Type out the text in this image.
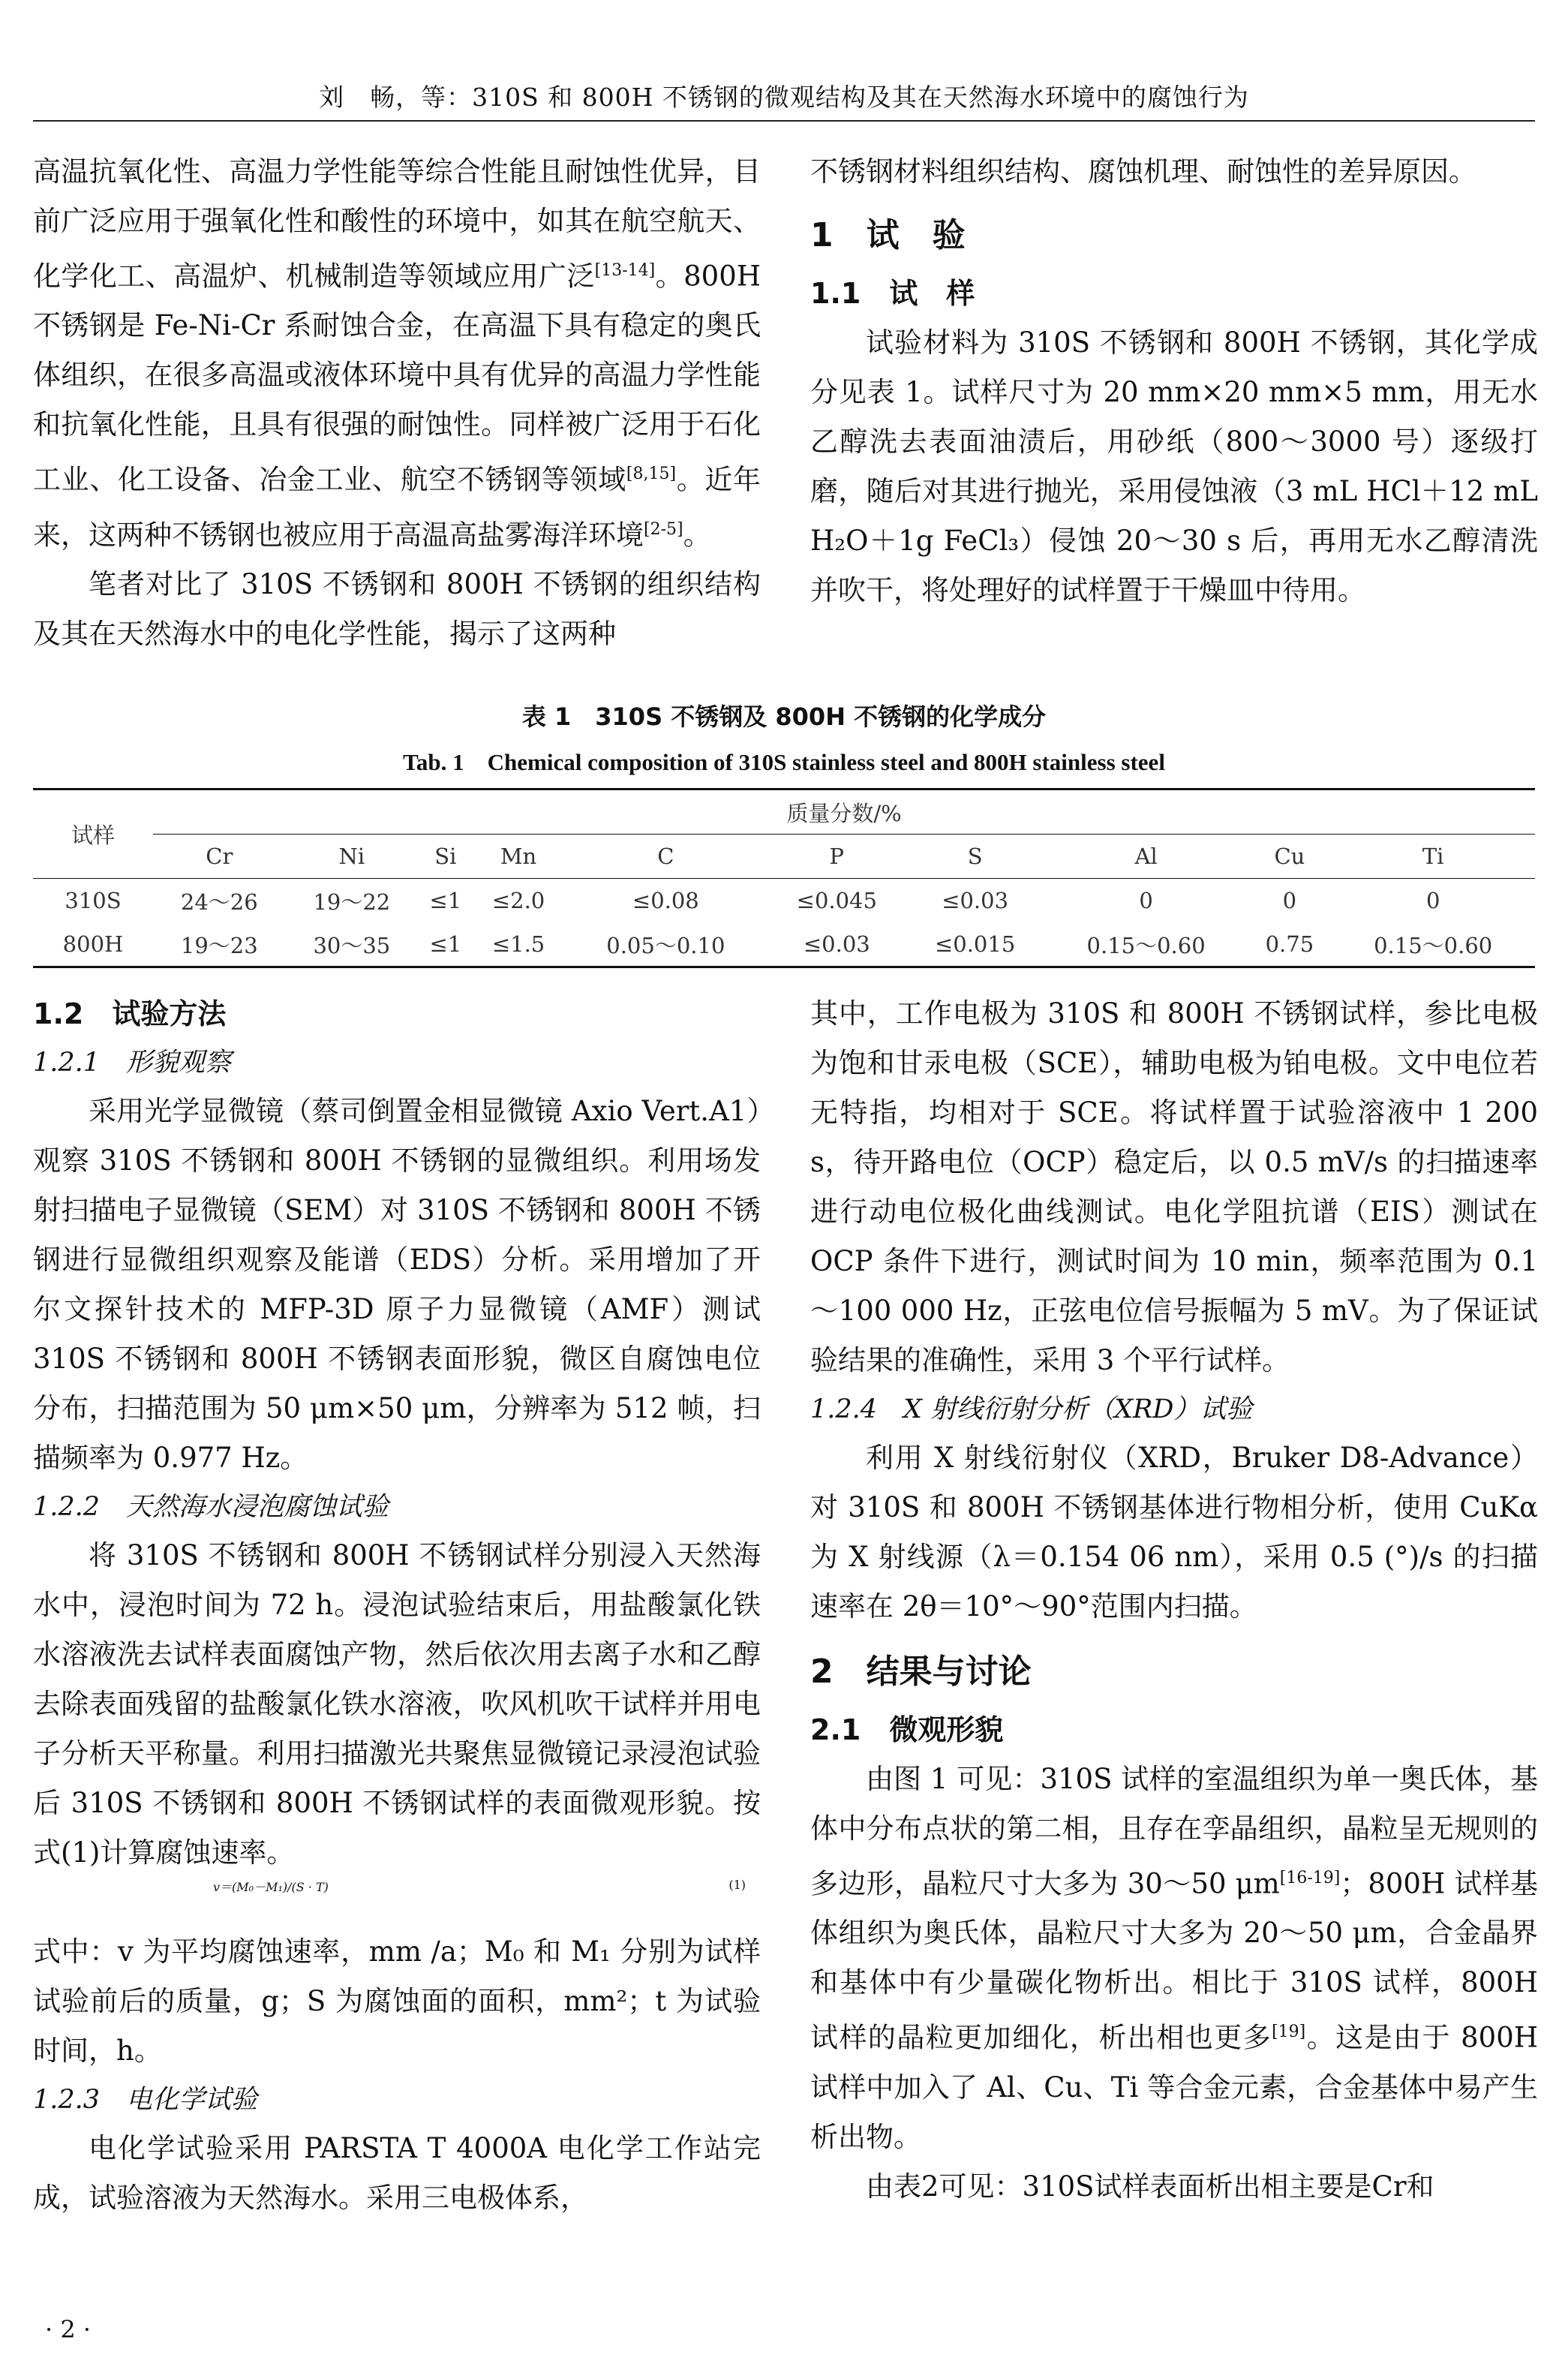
刘　畅，等：310S 和 800H 不锈钢的微观结构及其在天然海水环境中的腐蚀行为

高温抗氧化性、高温力学性能等综合性能且耐蚀性优异，目前广泛应用于强氧化性和酸性的环境中，如其在航空航天、化学化工、高温炉、机械制造等领域应用广泛[13-14]。800H 不锈钢是 Fe-Ni-Cr 系耐蚀合金，在高温下具有稳定的奥氏体组织，在很多高温或液体环境中具有优异的高温力学性能和抗氧化性能，且具有很强的耐蚀性。同样被广泛用于石化工业、化工设备、冶金工业、航空不锈钢等领域[8,15]。近年来，这两种不锈钢也被应用于高温高盐雾海洋环境[2-5]。

笔者对比了 310S 不锈钢和 800H 不锈钢的组织结构及其在天然海水中的电化学性能，揭示了这两种

不锈钢材料组织结构、腐蚀机理、耐蚀性的差异原因。

1　试　验
1.1　试　样

试验材料为 310S 不锈钢和 800H 不锈钢，其化学成分见表 1。试样尺寸为 20 mm×20 mm×5 mm，用无水乙醇洗去表面油渍后，用砂纸（800～3000 号）逐级打磨，随后对其进行抛光，采用侵蚀液（3 mL HCl＋12 mL H₂O＋1g FeCl₃）侵蚀 20～30 s 后，再用无水乙醇清洗并吹干，将处理好的试样置于干燥皿中待用。

表 1　310S 不锈钢及 800H 不锈钢的化学成分
Tab. 1　Chemical composition of 310S stainless steel and 800H stainless steel
试样	质量分数/%									
	Cr	Ni	Si	Mn	C	P	S	Al	Cu	Ti
310S	24～26	19～22	≤1	≤2.0	≤0.08	≤0.045	≤0.03	0	0	0
800H	19～23	30～35	≤1	≤1.5	0.05～0.10	≤0.03	≤0.015	0.15～0.60	0.75	0.15～0.60
1.2　试验方法
1.2.1　形貌观察

采用光学显微镜（蔡司倒置金相显微镜 Axio Vert.A1）观察 310S 不锈钢和 800H 不锈钢的显微组织。利用场发射扫描电子显微镜（SEM）对 310S 不锈钢和 800H 不锈钢进行显微组织观察及能谱（EDS）分析。采用增加了开尔文探针技术的 MFP-3D 原子力显微镜（AMF）测试 310S 不锈钢和 800H 不锈钢表面形貌，微区自腐蚀电位分布，扫描范围为 50 μm×50 μm，分辨率为 512 帧，扫描频率为 0.977 Hz。

1.2.2　天然海水浸泡腐蚀试验

将 310S 不锈钢和 800H 不锈钢试样分别浸入天然海水中，浸泡时间为 72 h。浸泡试验结束后，用盐酸氯化铁水溶液洗去试样表面腐蚀产物，然后依次用去离子水和乙醇去除表面残留的盐酸氯化铁水溶液，吹风机吹干试样并用电子分析天平称量。利用扫描激光共聚焦显微镜记录浸泡试验后 310S 不锈钢和 800H 不锈钢试样的表面微观形貌。按式(1)计算腐蚀速率。

v＝(M₀－M₁)/(S · T)	(1)

式中：v 为平均腐蚀速率，mm /a；M₀ 和 M₁ 分别为试样试验前后的质量，g；S 为腐蚀面的面积，mm²；t 为试验时间，h。

1.2.3　电化学试验

电化学试验采用 PARSTA T 4000A 电化学工作站完成，试验溶液为天然海水。采用三电极体系，

其中，工作电极为 310S 和 800H 不锈钢试样，参比电极为饱和甘汞电极（SCE），辅助电极为铂电极。文中电位若无特指，均相对于 SCE。将试样置于试验溶液中 1 200 s，待开路电位（OCP）稳定后，以 0.5 mV/s 的扫描速率进行动电位极化曲线测试。电化学阻抗谱（EIS）测试在 OCP 条件下进行，测试时间为 10 min，频率范围为 0.1～100 000 Hz，正弦电位信号振幅为 5 mV。为了保证试验结果的准确性，采用 3 个平行试样。

1.2.4　X 射线衍射分析（XRD）试验

利用 X 射线衍射仪（XRD，Bruker D8-Advance）对 310S 和 800H 不锈钢基体进行物相分析，使用 CuKα 为 X 射线源（λ＝0.154 06 nm），采用 0.5 (°)/s 的扫描速率在 2θ＝10°～90°范围内扫描。

2　结果与讨论
2.1　微观形貌

由图 1 可见：310S 试样的室温组织为单一奥氏体，基体中分布点状的第二相，且存在孪晶组织，晶粒呈无规则的多边形，晶粒尺寸大多为 30～50 μm[16-19]；800H 试样基体组织为奥氏体，晶粒尺寸大多为 20～50 μm，合金晶界和基体中有少量碳化物析出。相比于 310S 试样，800H 试样的晶粒更加细化，析出相也更多[19]。这是由于 800H 试样中加入了 Al、Cu、Ti 等合金元素，合金基体中易产生析出物。

由表2可见：310S试样表面析出相主要是Cr和

· 2 ·
